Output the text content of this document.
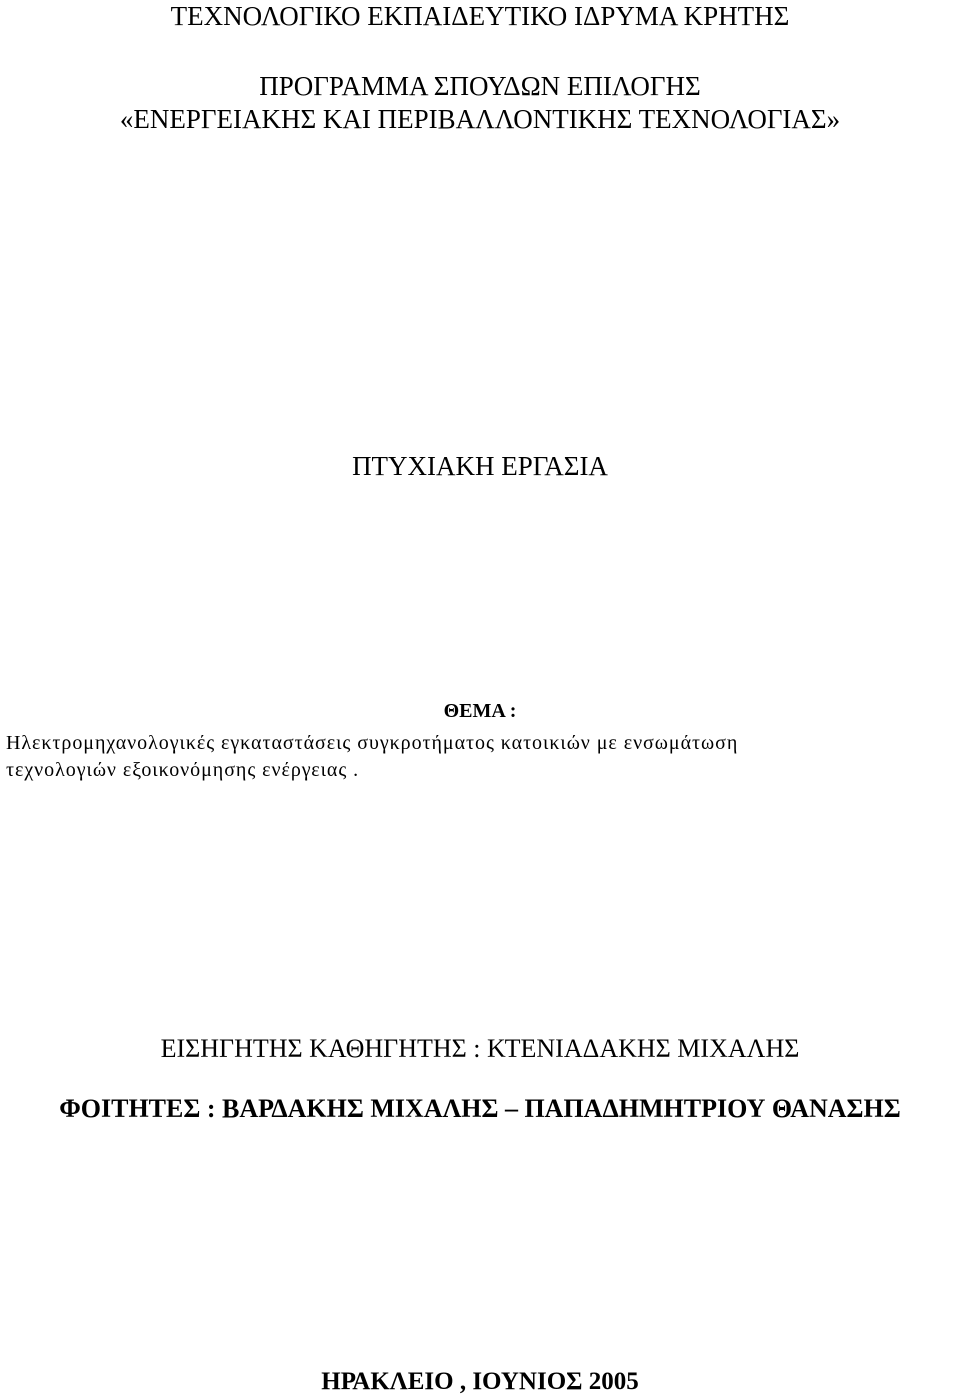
ΤΕΧΝΟΛΟΓΙΚΟ ΕΚΠΑΙΔΕΥΤΙΚΟ ΙΔΡΥΜΑ ΚΡΗΤΗΣ
ΠΡΟΓΡΑΜΜΑ ΣΠΟΥΔΩΝ ΕΠΙΛΟΓΗΣ
«ΕΝΕΡΓΕΙΑΚΗΣ ΚΑΙ ΠΕΡΙΒΑΛΛΟΝΤΙΚΗΣ ΤΕΧΝΟΛΟΓΙΑΣ»
ΠΤΥΧΙΑΚΗ ΕΡΓΑΣΙΑ
ΘΕΜΑ :
Ηλεκτρομηχανολογικές εγκαταστάσεις συγκροτήματος κατοικιών με ενσωμάτωση
τεχνολογιών εξοικονόμησης ενέργειας .
ΕΙΣΗΓΗΤΗΣ ΚΑΘΗΓΗΤΗΣ : ΚΤΕΝΙΑΔΑΚΗΣ ΜΙΧΑΛΗΣ
ΦΟΙΤΗΤΕΣ : ΒΑΡΔΑΚΗΣ ΜΙΧΑΛΗΣ – ΠΑΠΑΔΗΜΗΤΡΙΟΥ ΘΑΝΑΣΗΣ
ΗΡΑΚΛΕΙΟ , ΙΟΥΝΙΟΣ 2005
